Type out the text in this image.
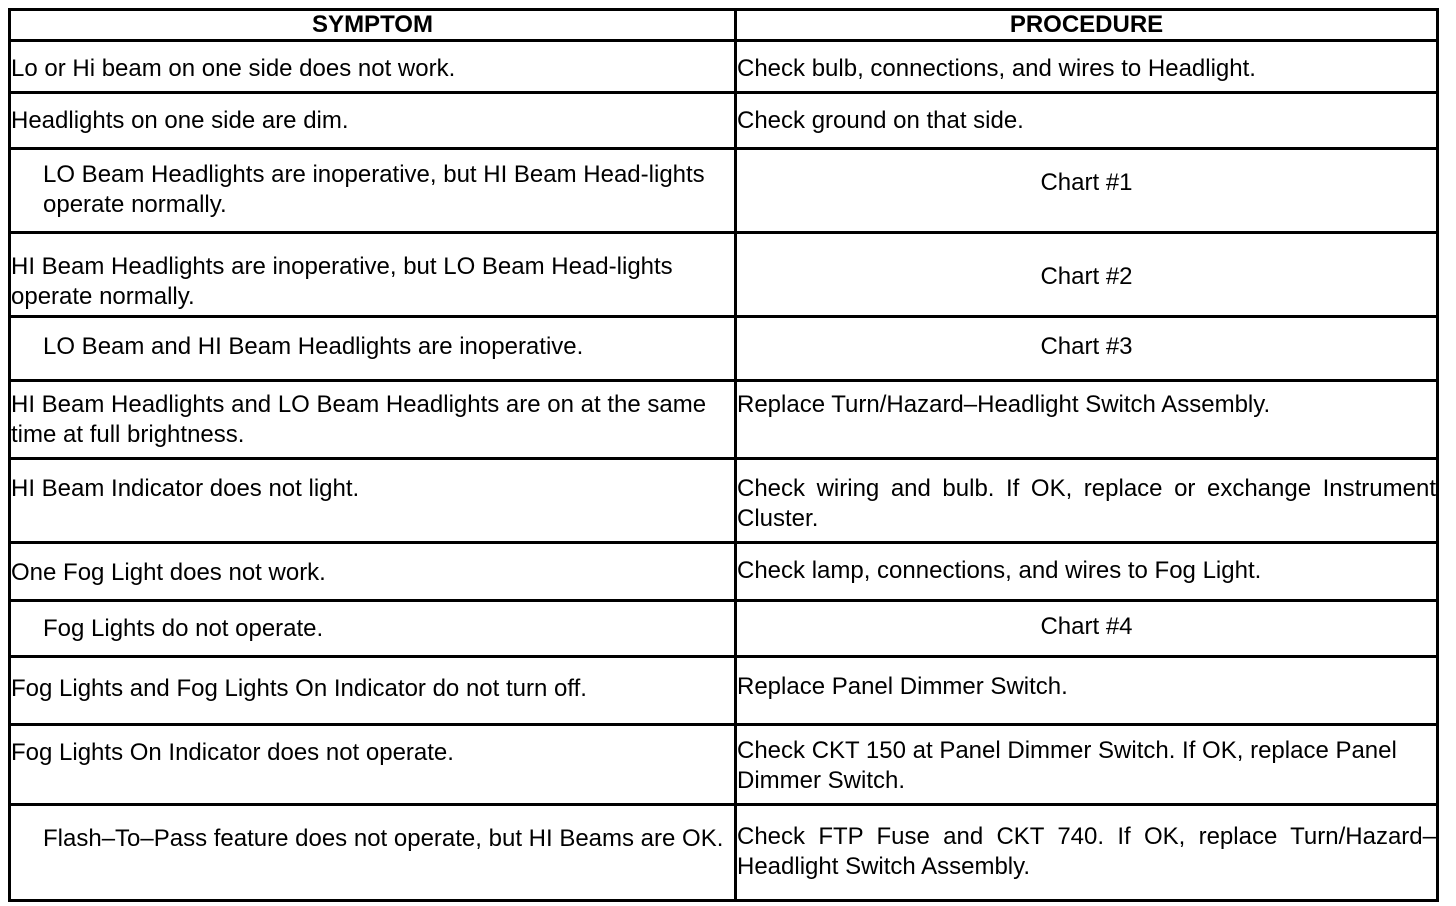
SYMPTOM	PROCEDURE
Lo or Hi beam on one side does not work.	Check bulb, connections, and wires to Headlight.
Headlights on one side are dim.	Check ground on that side.
LO Beam Headlights are inoperative, but HI Beam Head-lights operate normally.	Chart #1
HI Beam Headlights are inoperative, but LO Beam Head-lights operate normally.	Chart #2
LO Beam and HI Beam Headlights are inoperative.	Chart #3
HI Beam Headlights and LO Beam Headlights are on at the same time at full brightness.	Replace Turn/Hazard–Headlight Switch Assembly.
HI Beam Indicator does not light.	Check wiring and bulb. If OK, replace or exchange Instrument Cluster.
One Fog Light does not work.	Check lamp, connections, and wires to Fog Light.
Fog Lights do not operate.	Chart #4
Fog Lights and Fog Lights On Indicator do not turn off.	Replace Panel Dimmer Switch.
Fog Lights On Indicator does not operate.	Check CKT 150 at Panel Dimmer Switch. If OK, replace Panel Dimmer Switch.
Flash–To–Pass feature does not operate, but HI Beams are OK.	Check FTP Fuse and CKT 740. If OK, replace Turn/Hazard–Headlight Switch Assembly.
